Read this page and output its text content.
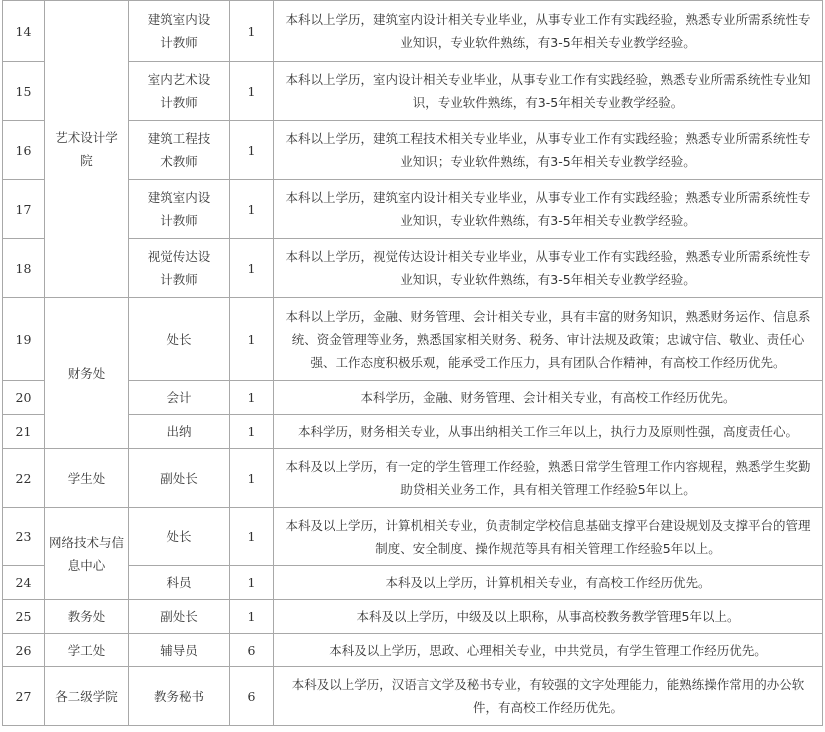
14	艺术设计学院	建筑室内设计教师	1	本科以上学历，建筑室内设计相关专业毕业，从事专业工作有实践经验，熟悉专业所需系统性专业知识，专业软件熟练，有3-5年相关专业教学经验。
15		室内艺术设计教师	1	本科以上学历，室内设计相关专业毕业，从事专业工作有实践经验，熟悉专业所需系统性专业知识，专业软件熟练，有3-5年相关专业教学经验。
16		建筑工程技术教师	1	本科以上学历，建筑工程技术相关专业毕业，从事专业工作有实践经验；熟悉专业所需系统性专业知识；专业软件熟练，有3-5年相关专业教学经验。
17		建筑室内设计教师	1	本科以上学历，建筑室内设计相关专业毕业，从事专业工作有实践经验；熟悉专业所需系统性专业知识，专业软件熟练，有3-5年相关专业教学经验。
18		视觉传达设计教师	1	本科以上学历，视觉传达设计相关专业毕业，从事专业工作有实践经验，熟悉专业所需系统性专业知识，专业软件熟练，有3-5年相关专业教学经验。
19	财务处	处长	1	本科以上学历，金融、财务管理、会计相关专业，具有丰富的财务知识，熟悉财务运作、信息系统、资金管理等业务，熟悉国家相关财务、税务、审计法规及政策；忠诚守信、敬业、责任心强、工作态度积极乐观，能承受工作压力，具有团队合作精神，有高校工作经历优先。
20		会计	1	本科学历，金融、财务管理、会计相关专业，有高校工作经历优先。
21		出纳	1	本科学历，财务相关专业，从事出纳相关工作三年以上，执行力及原则性强，高度责任心。
22	学生处	副处长	1	本科及以上学历，有一定的学生管理工作经验，熟悉日常学生管理工作内容规程，熟悉学生奖勤助贷相关业务工作，具有相关管理工作经验5年以上。
23	网络技术与信息中心	处长	1	本科及以上学历，计算机相关专业，负责制定学校信息基础支撑平台建设规划及支撑平台的管理制度、安全制度、操作规范等具有相关管理工作经验5年以上。
24		科员	1	本科及以上学历，计算机相关专业，有高校工作经历优先。
25	教务处	副处长	1	本科及以上学历，中级及以上职称，从事高校教务教学管理5年以上。
26	学工处	辅导员	6	本科及以上学历，思政、心理相关专业，中共党员，有学生管理工作经历优先。
27	各二级学院	教务秘书	6	本科及以上学历，汉语言文学及秘书专业，有较强的文字处理能力，能熟练操作常用的办公软件，有高校工作经历优先。
